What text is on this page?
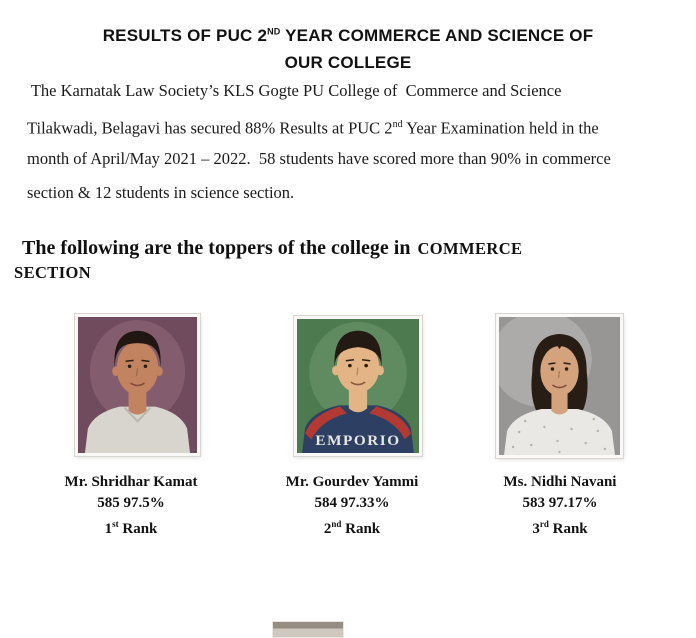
RESULTS OF PUC 2ND YEAR COMMERCE AND SCIENCE OF
OUR COLLEGE
The Karnatak Law Society’s KLS Gogte PU College of  Commerce and Science
Tilakwadi, Belagavi has secured 88% Results at PUC 2nd Year Examination held in the
month of April/May 2021 – 2022.  58 students have scored more than 90% in commerce
section & 12 students in science section.
The following are the toppers of the college in COMMERCE
SECTION
EMPORIO
Mr. Shridhar Kamat
585 97.5%
1st Rank
Mr. Gourdev Yammi
584 97.33%
2nd Rank
Ms. Nidhi Navani
583 97.17%
3rd Rank
